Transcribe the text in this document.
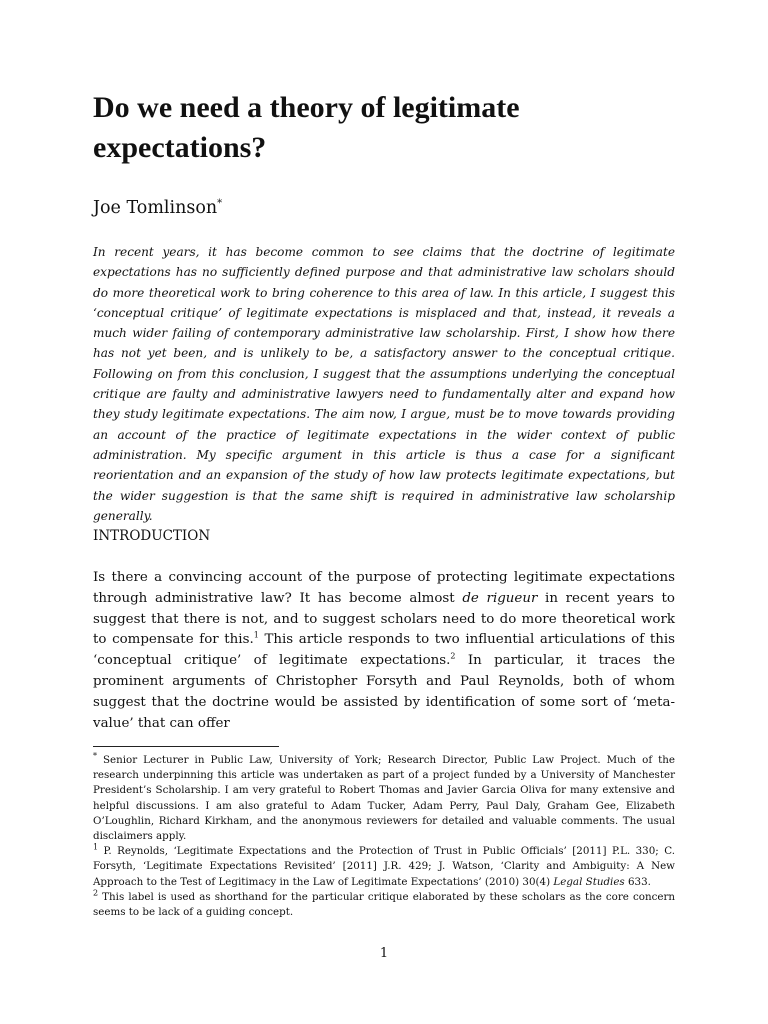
Do we need a theory of legitimate expectations?
Joe Tomlinson*

In recent years, it has become common to see claims that the doctrine of legitimate expectations has no sufficiently defined purpose and that administrative law scholars should do more theoretical work to bring coherence to this area of law. In this article, I suggest this ‘conceptual critique’ of legitimate expectations is misplaced and that, instead, it reveals a much wider failing of contemporary administrative law scholarship. First, I show how there has not yet been, and is unlikely to be, a satisfactory answer to the conceptual critique. Following on from this conclusion, I suggest that the assumptions underlying the conceptual critique are faulty and administrative lawyers need to fundamentally alter and expand how they study legitimate expectations. The aim now, I argue, must be to move towards providing an account of the practice of legitimate expectations in the wider context of public administration. My specific argument in this article is thus a case for a significant reorientation and an expansion of the study of how law protects legitimate expectations, but the wider suggestion is that the same shift is required in administrative law scholarship generally.

INTRODUCTION

Is there a convincing account of the purpose of protecting legitimate expectations through administrative law? It has become almost de rigueur in recent years to suggest that there is not, and to suggest scholars need to do more theoretical work to compensate for this.$^1$ This article responds to two influential articulations of this ‘conceptual critique’ of legitimate expectations.$^2$ In particular, it traces the prominent arguments of Christopher Forsyth and Paul Reynolds, both of whom suggest that the doctrine would be assisted by identification of some sort of ‘meta-value’ that can offer

* Senior Lecturer in Public Law, University of York; Research Director, Public Law Project. Much of the research underpinning this article was undertaken as part of a project funded by a University of Manchester President’s Scholarship. I am very grateful to Robert Thomas and Javier Garcia Oliva for many extensive and helpful discussions. I am also grateful to Adam Tucker, Adam Perry, Paul Daly, Graham Gee, Elizabeth O’Loughlin, Richard Kirkham, and the anonymous reviewers for detailed and valuable comments. The usual disclaimers apply.

$^1$ P. Reynolds, ‘Legitimate Expectations and the Protection of Trust in Public Officials’ [2011] P.L. 330; C. Forsyth, ‘Legitimate Expectations Revisited’ [2011] J.R. 429; J. Watson, ‘Clarity and Ambiguity: A New Approach to the Test of Legitimacy in the Law of Legitimate Expectations’ (2010) 30(4) Legal Studies 633.

$^2$ This label is used as shorthand for the particular critique elaborated by these scholars as the core concern seems to be lack of a guiding concept.

1
